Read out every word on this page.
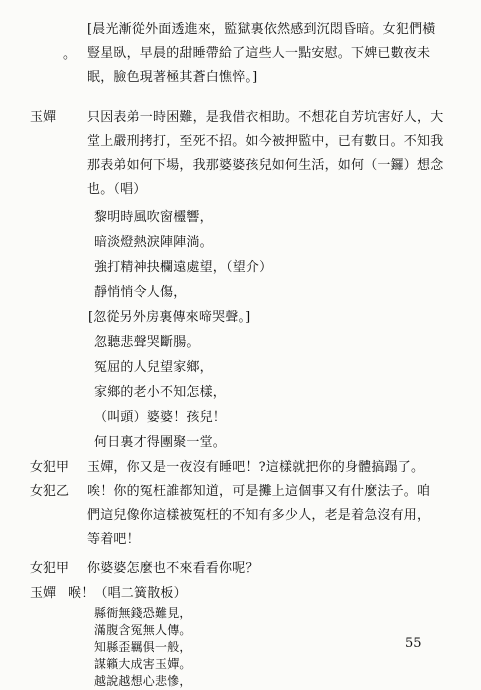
[晨光漸從外面透進來，監獄裏依然感到沉悶昏暗。女犯們橫
。 豎星臥，早晨的甜睡帶給了這些人一點安慰。下婢已數夜未
眠，臉色現著極其蒼白憔悴。]
玉嬋 只因表弟一時困難，是我借衣相助。不想花自芳坑害好人，大
堂上嚴刑拷打，至死不招。如今被押監中，已有數日。不知我
那表弟如何下場，我那婆婆孩兒如何生活，如何（一鑼）想念
也。（唱）
黎明時風吹窗欞響，
暗淡燈熱淚陣陣淌。
強打精神抉欄遠處望，（望介）
靜悄悄令人傷，
[忽從另外房裏傳來啼哭聲。]
忽聽悲聲哭斷腸。
冤屈的人兒望家鄉，
家鄉的老小不知怎樣，
（叫頭）婆婆！孩兒！
何日裏才得團聚一堂。
女犯甲 玉嬋，你又是一夜沒有睡吧！?這樣就把你的身體搞蹋了。
女犯乙 唉！你的冤枉誰都知道，可是攤上這個事又有什麼法子。咱
們這兒像你這樣被冤枉的不知有多少人，老是着急沒有用，
等着吧！
女犯甲 你婆婆怎麼也不來看看你呢？
玉嬋 喉！（唱二簧散板）
縣衙無錢恐難見，
滿腹含冤無人傳。
知縣歪羈俱一般，
謀籟大成害玉嬋。
越說越想心悲慘，
55
